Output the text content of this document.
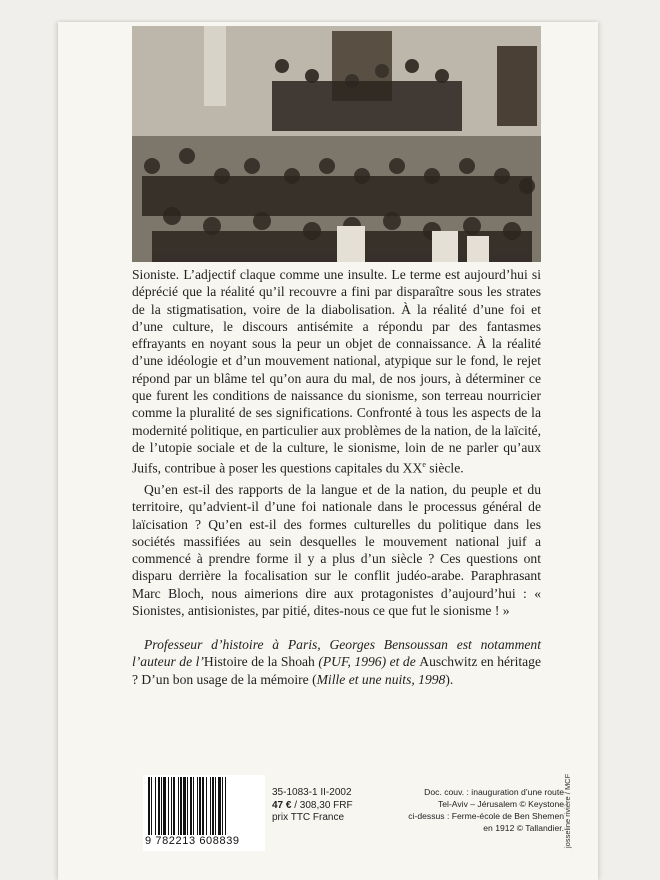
Sioniste. L’adjectif claque comme une insulte. Le terme est aujourd’hui si déprécié que la réalité qu’il recouvre a fini par disparaître sous les strates de la stigmatisation, voire de la diabolisation. À la réalité d’une foi et d’une culture, le discours antisémite a répondu par des fantasmes effrayants en noyant sous la peur un objet de connaissance. À la réalité d’une idéologie et d’un mouvement national, atypique sur le fond, le rejet répond par un blâme tel qu’on aura du mal, de nos jours, à déterminer ce que furent les conditions de naissance du sionisme, son terreau nourricier comme la pluralité de ses significations. Confronté à tous les aspects de la modernité politique, en particulier aux problèmes de la nation, de la laïcité, de l’utopie sociale et de la culture, le sionisme, loin de ne parler qu’aux Juifs, contribue à poser les questions capitales du XXe siècle.
Qu’en est-il des rapports de la langue et de la nation, du peuple et du territoire, qu’advient-il d’une foi nationale dans le processus général de laïcisation ? Qu’en est-il des formes culturelles du politique dans les sociétés massifiées au sein desquelles le mouvement national juif a commencé à prendre forme il y a plus d’un siècle ? Ces questions ont disparu derrière la focalisation sur le conflit judéo-arabe. Paraphrasant Marc Bloch, nous aimerions dire aux protagonistes d’aujourd’hui : « Sionistes, antisionistes, par pitié, dites-nous ce que fut le sionisme ! »
Professeur d’histoire à Paris, Georges Bensoussan est notamment l’auteur de l’Histoire de la Shoah (PUF, 1996) et de Auschwitz en héritage ? D’un bon usage de la mémoire (Mille et une nuits, 1998).
9 782213 608839
35-1083-1 II-2002
47 € / 308,30 FRF
prix TTC France
Doc. couv. : inauguration d’une route
Tel-Aviv – Jérusalem © Keystone
ci-dessus : Ferme-école de Ben Shemen
en 1912 © Tallandier. josseline rivière / MCF
